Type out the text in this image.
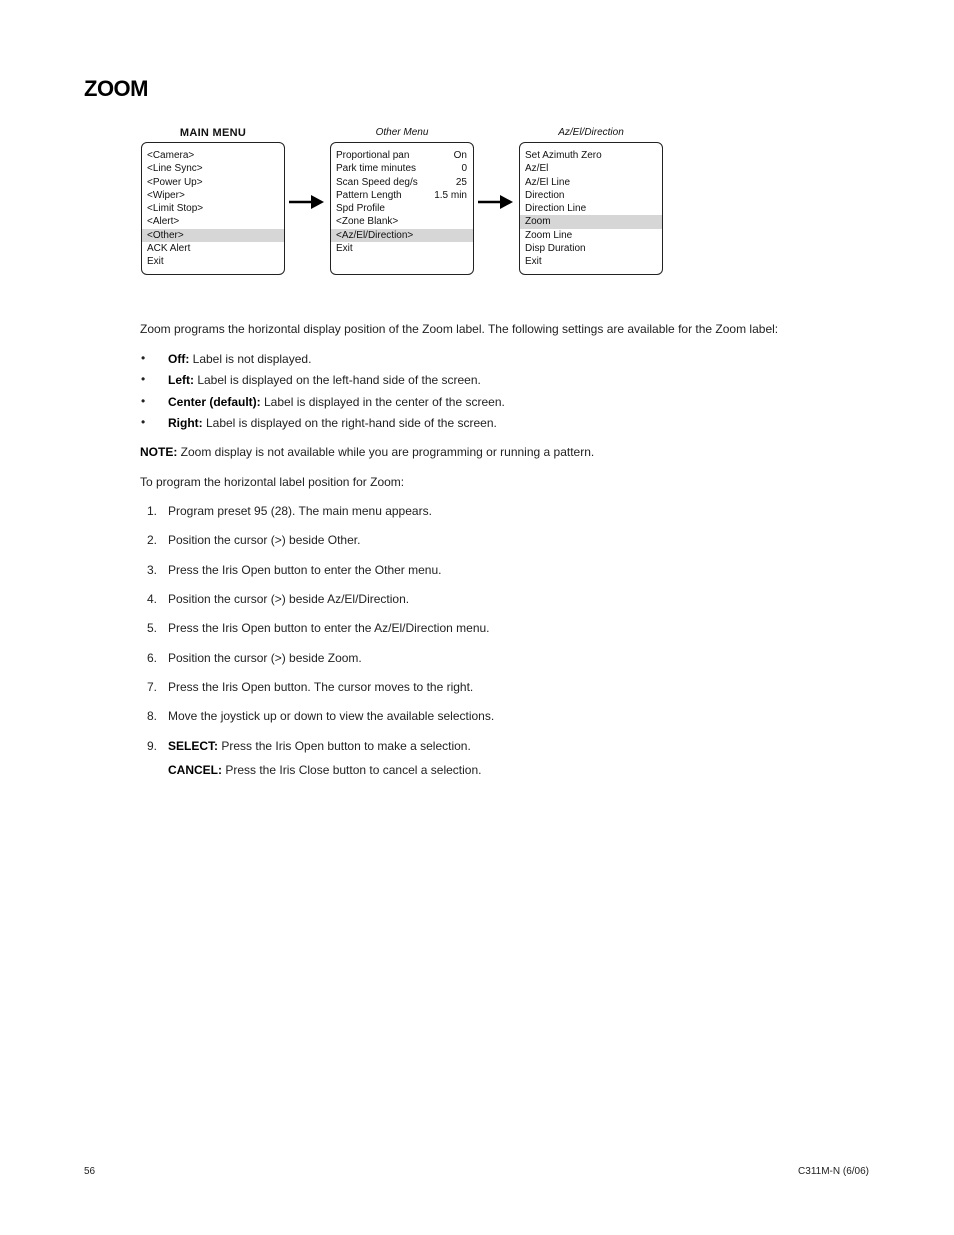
ZOOM
MAIN MENU
<Camera>
<Line Sync>
<Power Up>
<Wiper>
<Limit Stop>
<Alert>
<Other>
ACK Alert
Exit
Other Menu
Proportional pan	On
Park time minutes	0
Scan Speed deg/s	25
Pattern Length	1.5 min
Spd Profile
<Zone Blank>
<Az/El/Direction>
Exit
Az/El/Direction
Set Azimuth Zero
Az/El
Az/El Line
Direction
Direction Line
Zoom
Zoom Line
Disp Duration
Exit

Zoom programs the horizontal display position of the Zoom label. The following settings are available for the Zoom label:

• Off: Label is not displayed.

• Left: Label is displayed on the left-hand side of the screen.

• Center (default): Label is displayed in the center of the screen.

• Right: Label is displayed on the right-hand side of the screen.

NOTE: Zoom display is not available while you are programming or running a pattern.

To program the horizontal label position for Zoom:

1. Program preset 95 (28). The main menu appears.
2. Position the cursor (>) beside Other.
3. Press the Iris Open button to enter the Other menu.
4. Position the cursor (>) beside Az/El/Direction.
5. Press the Iris Open button to enter the Az/El/Direction menu.
6. Position the cursor (>) beside Zoom.
7. Press the Iris Open button. The cursor moves to the right.
8. Move the joystick up or down to view the available selections.
9. SELECT: Press the Iris Open button to make a selection.
CANCEL: Press the Iris Close button to cancel a selection.
56	C311M-N (6/06)
